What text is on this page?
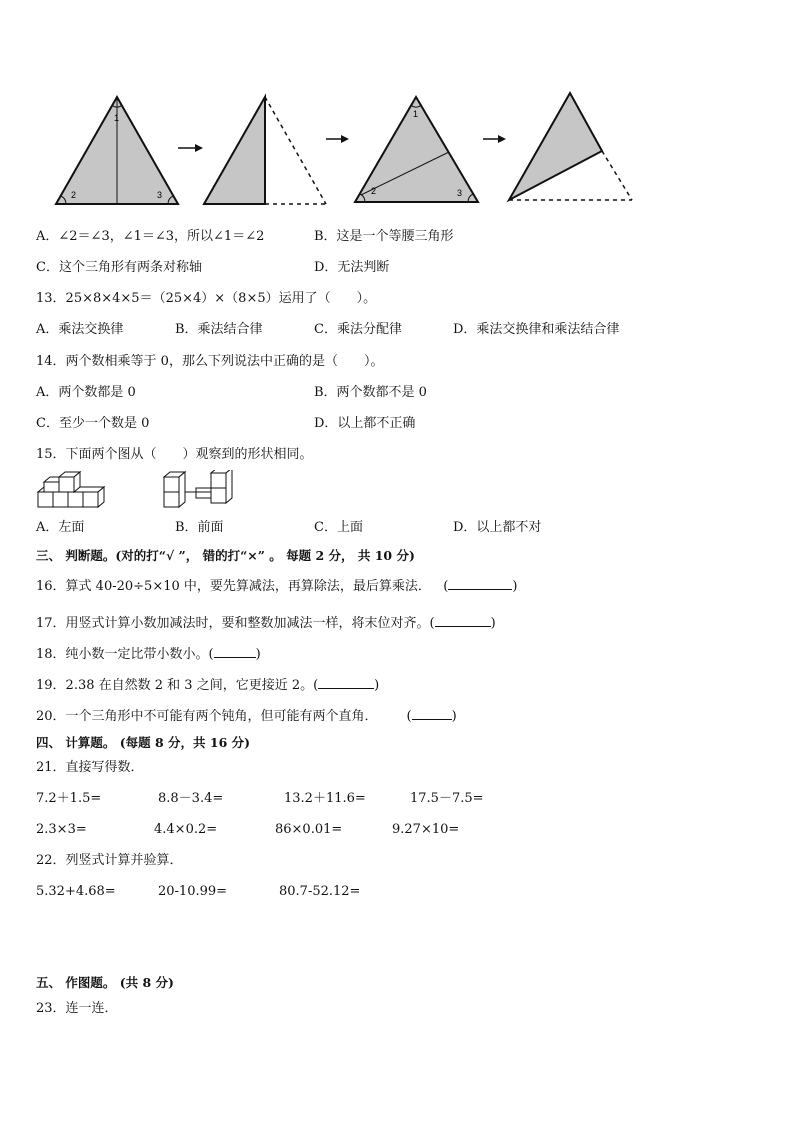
1
2	3
1
2	3
A．∠2＝∠3，∠1＝∠3，所以∠1＝∠2	B．这是一个等腰三角形
C．这个三角形有两条对称轴	D．无法判断
13．25×8×4×5＝（25×4）×（8×5）运用了（　　）。
A．乘法交换律	B．乘法结合律	C．乘法分配律	D．乘法交换律和乘法结合律
14．两个数相乘等于 0，那么下列说法中正确的是（　　）。
A．两个数都是 0	B．两个数都不是 0
C．至少一个数是 0	D．以上都不正确
15．下面两个图从（　　）观察到的形状相同。
A．左面	B．前面	C．上面	D．以上都不对
三、 判断题。(对的打“√ ”， 错的打“×” 。 每题 2 分， 共 10 分)
16．算式 40-20÷5×10 中，要先算减法，再算除法，最后算乘法． (	)
17．用竖式计算小数加减法时，要和整数加减法一样，将末位对齐。(	)
18．纯小数一定比带小数小。(	)
19．2.38 在自然数 2 和 3 之间，它更接近 2。(	)
20．一个三角形中不可能有两个钝角，但可能有两个直角． (	)
四、 计算题。 (每题 8 分，共 16 分)
21．直接写得数．
7.2＋1.5=	8.8－3.4=	13.2＋11.6=	17.5－7.5=
2.3×3=	4.4×0.2=	86×0.01=	9.27×10=
22．列竖式计算并验算．
5.32+4.68=	20-10.99=	80.7-52.12=
五、 作图题。 (共 8 分)
23．连一连．
